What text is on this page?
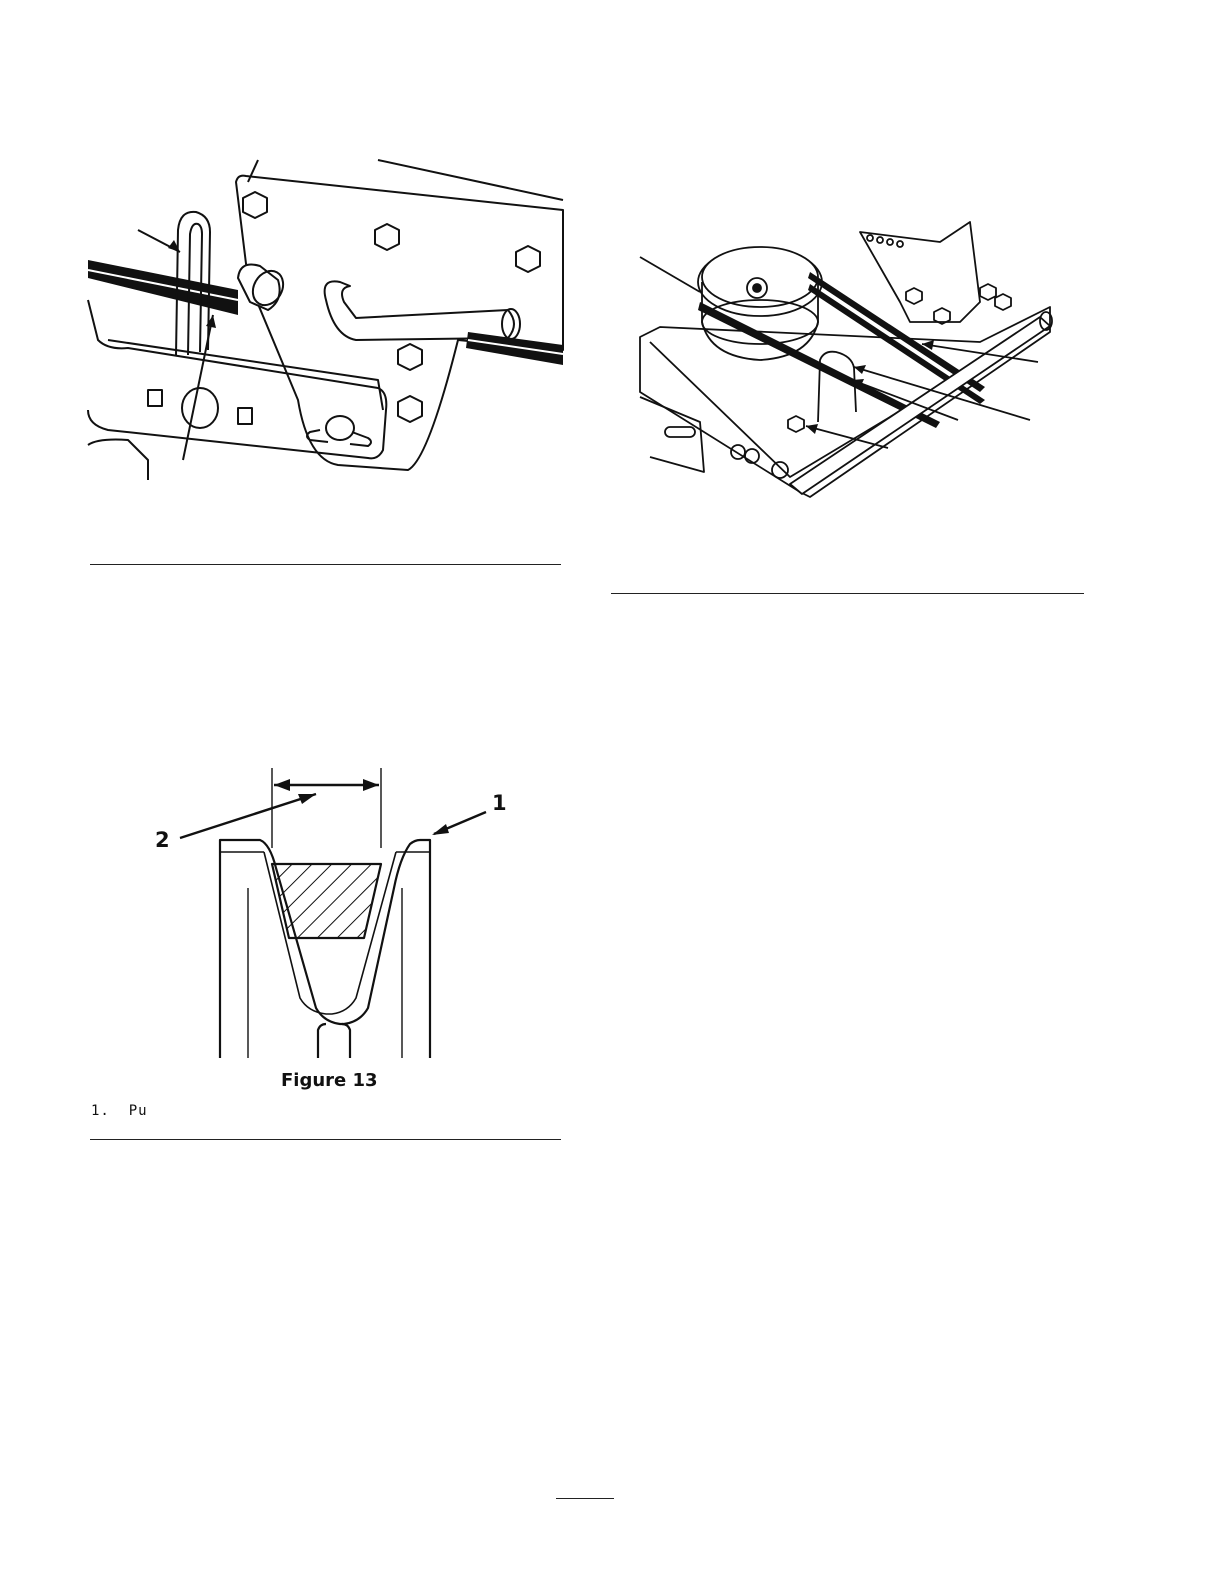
1
2
Figure 13
1.  Pu
